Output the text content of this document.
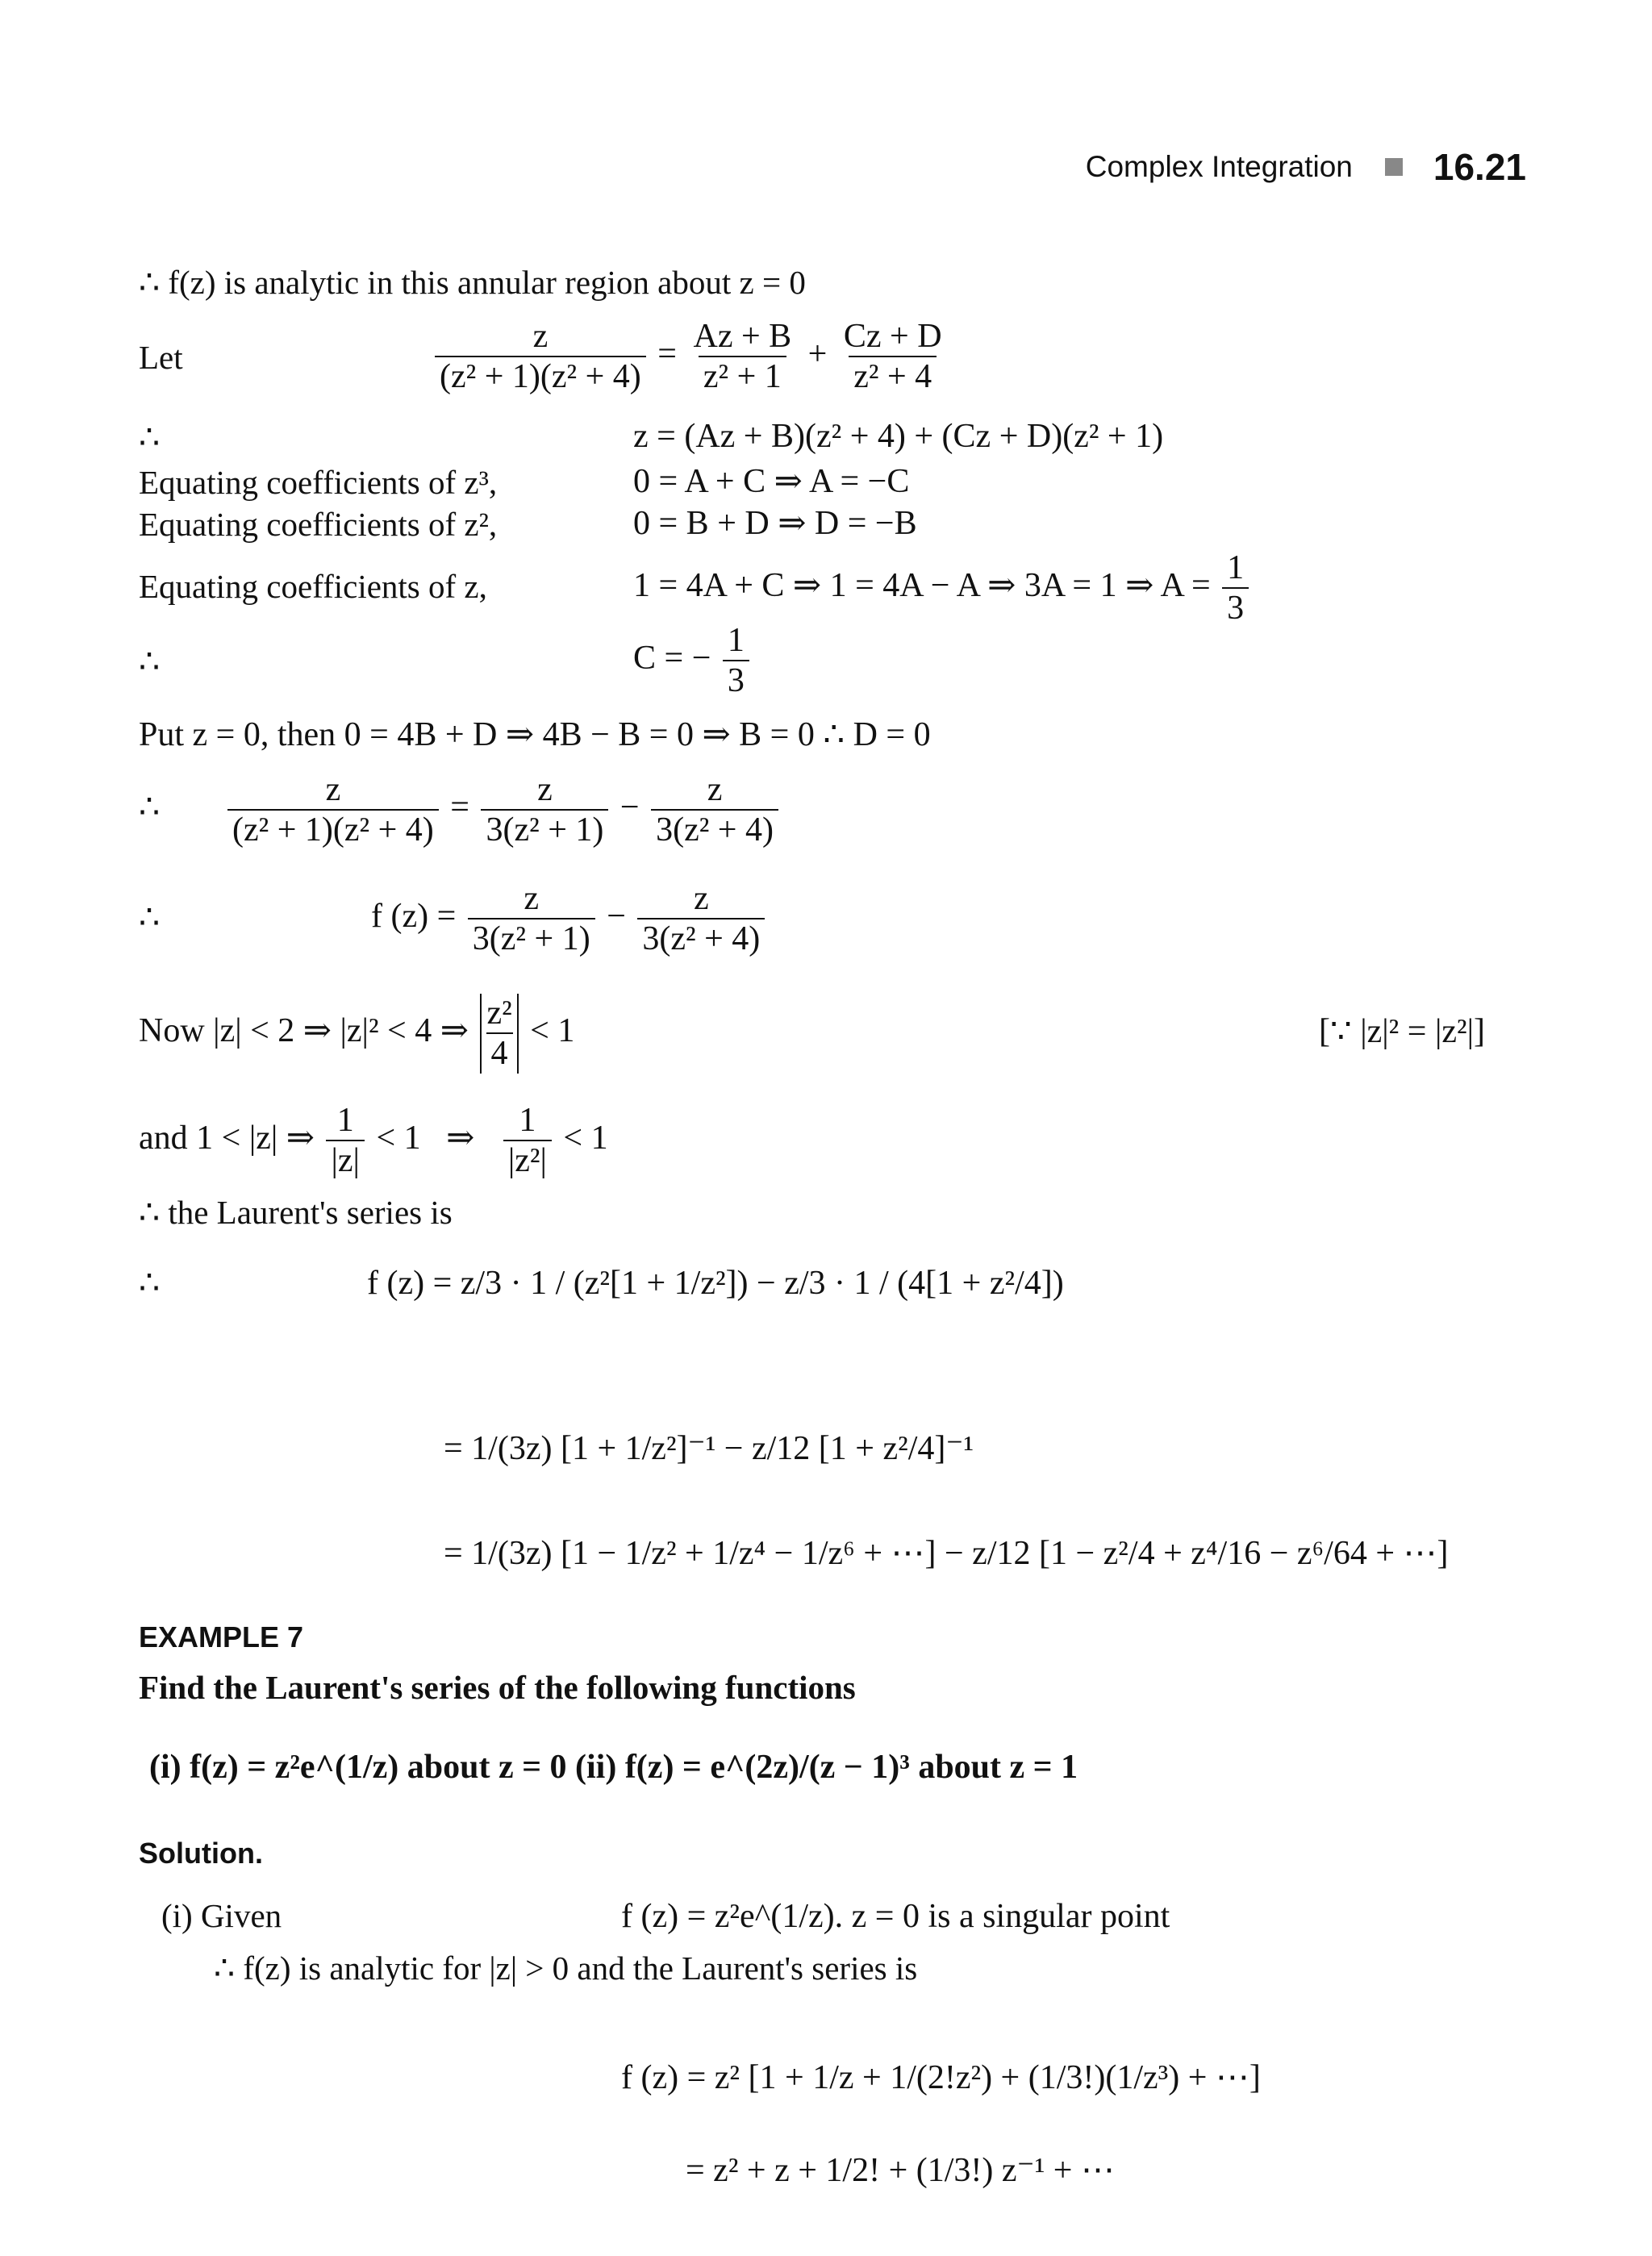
Complex Integration 16.21
∴ f(z) is analytic in this annular region about z = 0
Let	$\frac{z}{\text{(z² + 1)(z² + 4)}} = \frac{Az + B}{\text{z² + 1}} + \frac{Cz + D}{\text{z² + 4}}$
∴	z = (Az + B)(z² + 4) + (Cz + D)(z² + 1)
Equating coefficients of z³,	0 = A + C ⇒ A = −C
Equating coefficients of z²,	0 = B + D ⇒ D = −B
Equating coefficients of z,	1 = 4A + C ⇒ 1 = 4A − A ⇒ 3A = 1 ⇒ $A = \frac{1}{3}$
∴	C = − $\frac{1}{3}$
Put z = 0, then 0 = 4B + D ⇒ 4B − B = 0 ⇒ B = 0 ∴ D = 0
∴ $\frac{z}{\text{(z² + 1)(z² + 4)}} = \frac{z}{\text{3(z² + 1)}} - \frac{z}{\text{3(z² + 4)}}$
∴	f $(z) = \frac{z}{\text{3(z² + 1)}} - \frac{z}{\text{3(z² + 4)}}$
Now |z| < 2 ⇒ |z|² < 4 ⇒ $\frac{\text{z²}}{4} < 1$	[∵ |z|² = |z²|]
and 1 < |z| ⇒ $\frac{1}{|z|} < 1$   ⇒ $\frac{1}{\text{|z²|}} < 1$
∴ the Laurent's series is
∴	f (z) = z/3 · 1 / (z²[1 + 1/z²]) − z/3 · 1 / (4[1 + z²/4])
= 1/(3z) [1 + 1/z²]⁻¹ − z/12 [1 + z²/4]⁻¹
= 1/(3z) [1 − 1/z² + 1/z⁴ − 1/z⁶ + ⋯] − z/12 [1 − z²/4 + z⁴/16 − z⁶/64 + ⋯]
EXAMPLE 7
Find the Laurent's series of the following functions
(i) f(z) = z²e^(1/z) about z = 0 (ii) f(z) = e^(2z)/(z − 1)³ about z = 1
Solution.
(i) Given	f (z) = z²e^(1/z). z = 0 is a singular point
∴ f(z) is analytic for |z| > 0 and the Laurent's series is
f (z) = z² [1 + 1/z + 1/(2!z²) + (1/3!)(1/z³) + ⋯]
= z² + z + 1/2! + (1/3!) z⁻¹ + ⋯
